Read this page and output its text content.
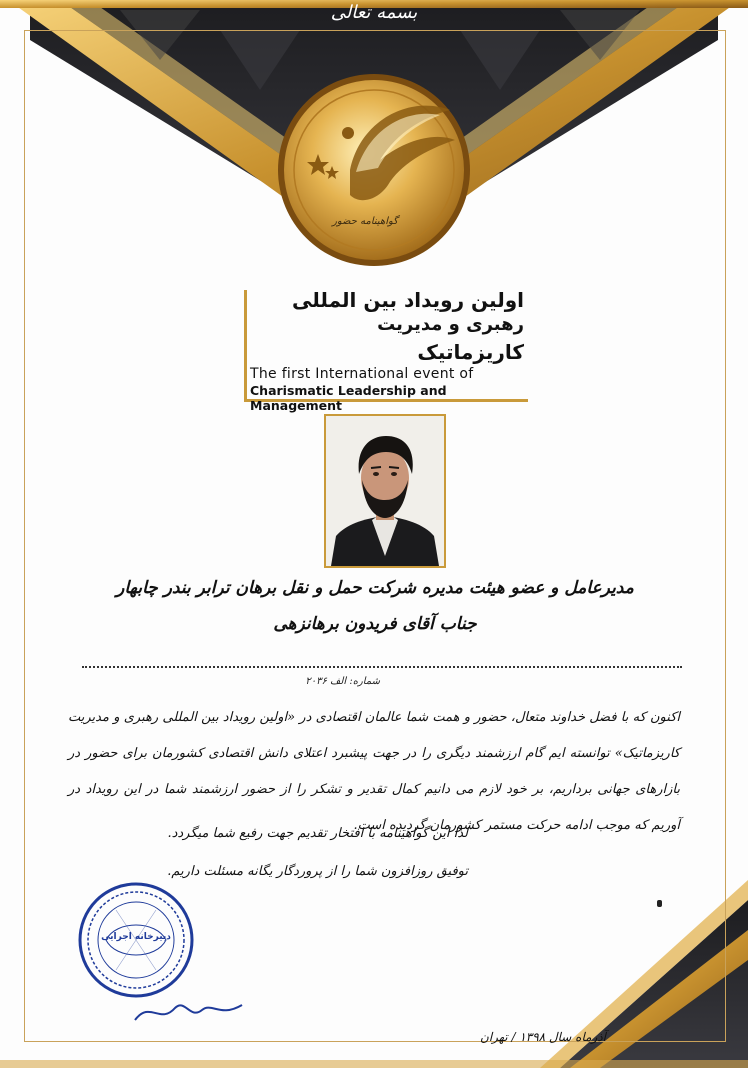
بسمه تعالی
گواهینامه حضور
اولین رویداد بین المللی
رهبری و مدیریت
کاریزماتیک
The first International event of
Charismatic Leadership and Management
مدیرعامل و عضو هیئت مدیره شرکت حمل و نقل برهان ترابر بندر چابهار
جناب آقای فریدون برهانزهی
شماره: الف ۲۰۳۶
اکنون که با فضل خداوند متعال، حضور و همت شما عالمان اقتصادی در «اولین رویداد بین المللی رهبری و مدیریت کاریزماتیک» توانسته ایم گام ارزشمند دیگری را در جهت پیشبرد اعتلای دانش اقتصادی کشورمان برای حضور در بازارهای جهانی برداریم، بر خود لازم می دانیم کمال تقدیر و تشکر را از حضور ارزشمند شما در این رویداد در آوریم که موجب ادامه حرکت مستمر کشورمان گردیده است.
لذا این گواهینامه با افتخار تقدیم جهت رفیع شما میگردد.
توفیق روزافزون شما را از پروردگار یگانه مسئلت داریم.
دبیرخانه اجرایی
آذرماه سال ۱۳۹۸ / تهران
